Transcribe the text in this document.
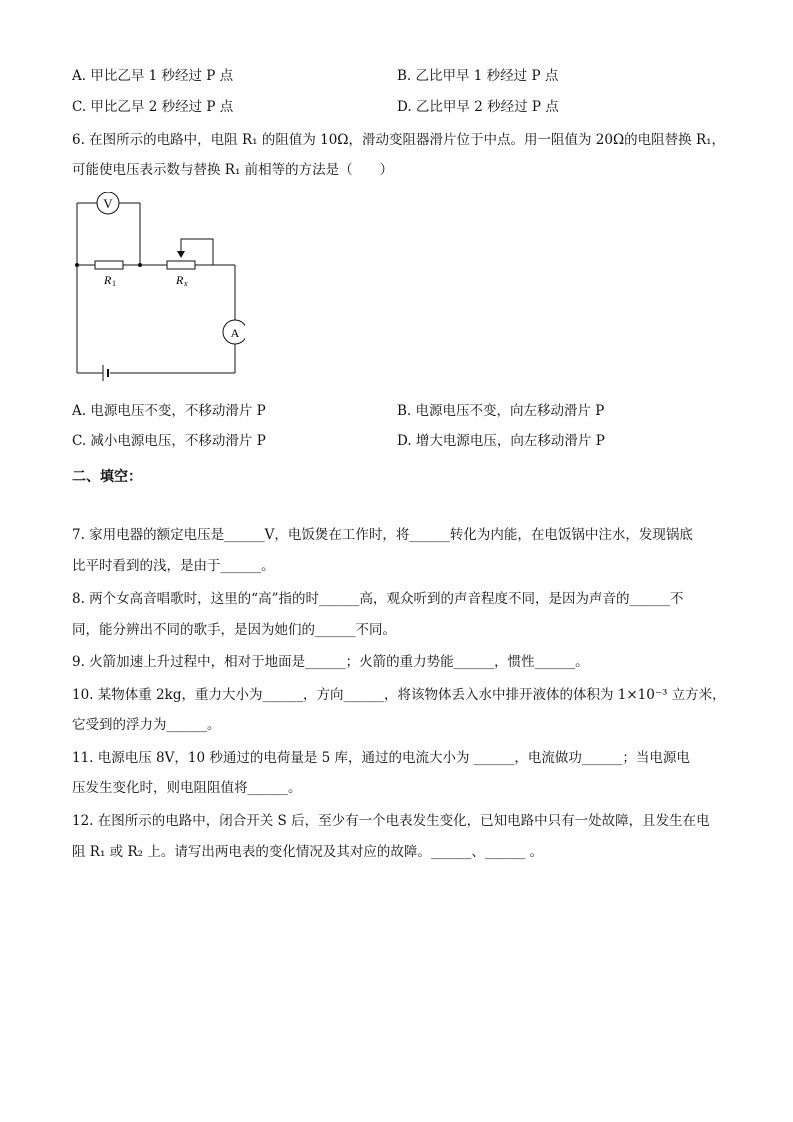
A. 甲比乙早 1 秒经过 P 点	B. 乙比甲早 1 秒经过 P 点
C. 甲比乙早 2 秒经过 P 点	D. 乙比甲早 2 秒经过 P 点
6. 在图所示的电路中，电阻 R₁ 的阻值为 10Ω，滑动变阻器滑片位于中点。用一阻值为 20Ω的电阻替换 R₁，
可能使电压表示数与替换 R₁ 前相等的方法是（　　）
V
A
R 1	R x
A. 电源电压不变，不移动滑片 P	B. 电源电压不变，向左移动滑片 P
C. 减小电源电压，不移动滑片 P	D. 增大电源电压，向左移动滑片 P
二、填空：
7. 家用电器的额定电压是______V，电饭煲在工作时，将______转化为内能，在电饭锅中注水，发现锅底
比平时看到的浅，是由于______。
8. 两个女高音唱歌时，这里的“高”指的时______高，观众听到的声音程度不同，是因为声音的______不
同，能分辨出不同的歌手，是因为她们的______不同。
9. 火箭加速上升过程中，相对于地面是______；火箭的重力势能______，惯性______。
10. 某物体重 2kg，重力大小为______，方向______，将该物体丢入水中排开液体的体积为 1×10⁻³ 立方米，
它受到的浮力为______。
11. 电源电压 8V，10 秒通过的电荷量是 5 库，通过的电流大小为 ______，电流做功______；当电源电
压发生变化时，则电阻阻值将______。
12. 在图所示的电路中，闭合开关 S 后，至少有一个电表发生变化，已知电路中只有一处故障，且发生在电
阻 R₁ 或 R₂ 上。请写出两电表的变化情况及其对应的故障。______、______ 。
